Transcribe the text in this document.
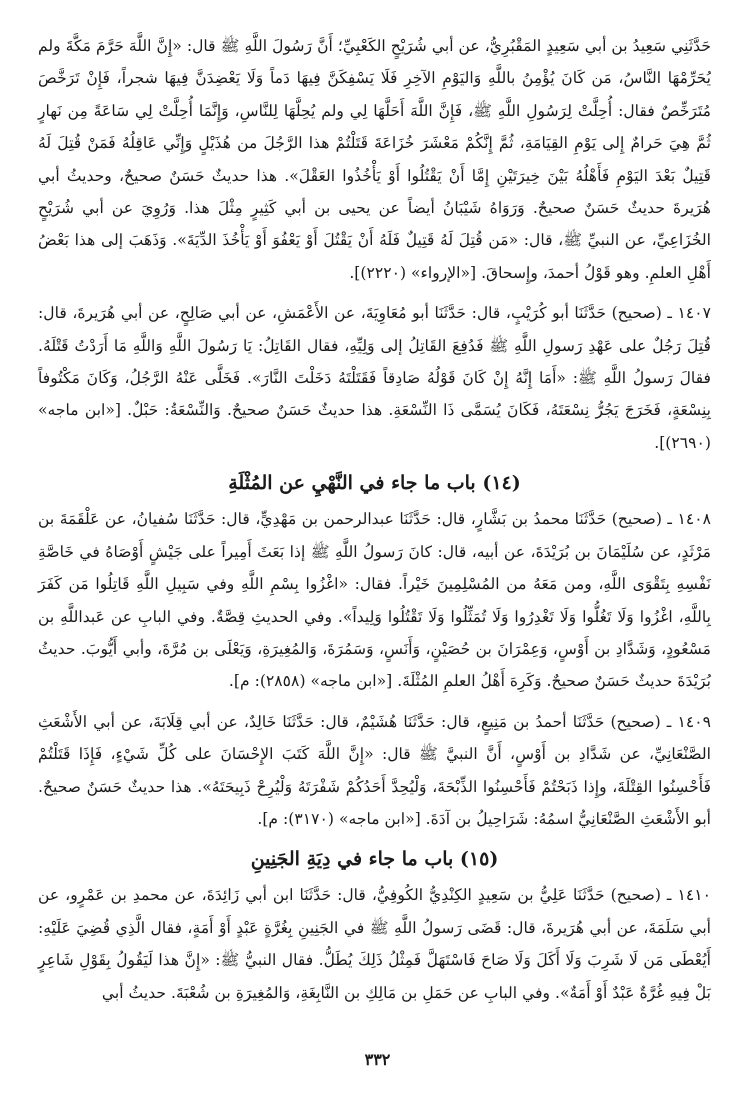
حَدَّثَنِي سَعِيدُ بن أبي سَعِيدٍ المَقْبُرِيُّ، عن أبي شُرَيْحٍ الكَعْبِيِّ؛ أَنَّ رَسُولَ اللَّهِ ﷺ قال: «إِنَّ اللَّهَ حَرَّمَ مَكَّةَ ولم يُحَرِّمْهَا النَّاسُ، مَن كَانَ يُؤْمِنُ باللَّهِ وَاليَوْمِ الآخِرِ فَلَا يَسْفِكَنَّ فِيهَا دَماً وَلَا يَعْضِدَنَّ فِيهَا شجراً، فَإِنْ تَرَخَّصَ مُتَرَخِّصٌ فقال: أُحِلَّتْ لِرَسُولِ اللَّهِ ﷺ، فَإِنَّ اللَّهَ أَحَلَّهَا لِي ولم يُحِلَّهَا لِلنَّاسِ، وَإِنَّمَا أُحِلَّتْ لِي سَاعَةً مِن نَهارٍ ثُمَّ هِيَ حَرامٌ إِلى يَوْمِ القِيَامَةِ، ثُمَّ إِنَّكُمْ مَعْشَرَ خُزَاعَةَ قَتَلْتُمْ هذا الرَّجُلَ من هُذَيْلٍ وَإِنِّي عَاقِلُهُ فَمَنْ قُتِلَ لَهُ قَتِيلٌ بَعْدَ اليَوْمِ فَأَهْلُهُ بَيْنَ خِيرَتَيْنِ إِمَّا أَنْ يَقْتُلُوا أَوْ يَأْخُذُوا العَقْلَ». هذا حديثٌ حَسَنٌ صحيحٌ، وحديثُ أبي هُرَيرةَ حديثٌ حَسَنٌ صحيحٌ. وَرَوَاهُ شَيْبَانُ أيضاً عن يحيى بن أبي كَثِيرٍ مِثْلَ هذا. وَرُوِيَ عن أبي شُرَيْحٍ الخُزَاعِيِّ، عن النبيِّ ﷺ، قال: «مَن قُتِلَ لَهُ قَتِيلٌ فَلَهُ أَنْ يَقْتُلَ أَوْ يَعْفُوَ أَوْ يَأْخُذَ الدِّيَةَ». وَذَهَبَ إلى هذا بَعْضُ أَهْلِ العلمِ. وهو قَوْلُ أحمدَ، وإِسحاقَ. [«الإرواء» (٢٢٢٠)].

١٤٠٧ ـ (صحيح) حَدَّثَنَا أبو كُرَيْبٍ، قال: حَدَّثَنَا أبو مُعَاوِيَةَ، عن الأَعْمَشِ، عن أبي صَالِحٍ، عن أبي هُرَيرةَ، قال: قُتِلَ رَجُلٌ على عَهْدِ رَسولِ اللَّهِ ﷺ فَدُفِعَ القَاتِلُ إلى وَلِيِّهِ، فقال القَاتِلُ: يَا رَسُولَ اللَّهِ وَاللَّهِ مَا أَرَدْتُ قَتْلَهُ. فقالَ رَسولُ اللَّهِ ﷺ: «أَمَا إِنَّهُ إِنْ كَانَ قَوْلُهُ صَادِقاً فَقَتَلْتَهُ دَخَلْتَ النَّارَ». فَخَلَّى عَنْهُ الرَّجُلُ، وَكَانَ مَكْتُوفاً بِنِسْعَةٍ، فَخَرَجَ يَجُرُّ نِسْعَتَهُ، فَكَانَ يُسَمَّى ذَا النِّسْعَةِ. هذا حديثٌ حَسَنٌ صحيحٌ. وَالنِّسْعَةُ: حَبْلٌ. [«ابن ماجه» (٢٦٩٠)].

(١٤) باب ما جاء في النَّهْيِ عن المُثْلَةِ

١٤٠٨ ـ (صحيح) حَدَّثَنَا محمدُ بن بَشَّارٍ، قال: حَدَّثَنَا عبدالرحمن بن مَهْدِيٍّ، قال: حَدَّثَنَا سُفيانُ، عن عَلْقَمَةَ بن مَرْثَدٍ، عن سُلَيْمَانَ بن بُرَيْدَةَ، عن أبيه، قال: كانَ رَسولُ اللَّهِ ﷺ إذا بَعَثَ أَمِيراً على جَيْشٍ أَوْصَاهُ في خَاصَّةِ نَفْسِهِ بِتَقْوَى اللَّهِ، ومن مَعَهُ من المُسْلِمِينَ خَيْراً. فقال: «اغْزُوا بِسْمِ اللَّهِ وفي سَبِيلِ اللَّهِ قَاتِلُوا مَن كَفَرَ بِاللَّهِ، اغْزُوا وَلَا تَغُلُّوا وَلَا تَغْدِرُوا وَلَا تُمَثِّلُوا وَلَا تَقْتُلُوا وَلِيداً». وفي الحديثِ قِصَّةٌ. وفي البابِ عن عَبداللَّهِ بن مَسْعُودٍ، وَشَدَّادِ بن أَوْسٍ، وَعِمْرَانَ بن حُصَيْنٍ، وَأَنَسٍ، وَسَمُرَةَ، وَالمُغِيرَةِ، وَيَعْلَى بن مُرَّةَ، وأبي أَيُّوبَ. حديثُ بُرَيْدَةَ حديثٌ حَسَنٌ صحيحٌ. وَكَرِهَ أَهْلُ العلمِ المُثْلَةَ. [«ابن ماجه» (٢٨٥٨): م].

١٤٠٩ ـ (صحيح) حَدَّثَنَا أحمدُ بن مَنِيعٍ، قال: حَدَّثَنَا هُشَيْمٌ، قال: حَدَّثَنَا خَالِدٌ، عن أبي قِلَابَةَ، عن أبي الأَشْعَثِ الصَّنْعَانِيِّ، عن شَدَّادِ بن أَوْسٍ، أَنَّ النبيَّ ﷺ قال: «إِنَّ اللَّهَ كَتَبَ الإِحْسَانَ على كُلِّ شَيْءٍ، فَإِذَا قَتَلْتُمْ فَأَحْسِنُوا القِتْلَةَ، وإِذا ذَبَحْتُمْ فَأَحْسِنُوا الذِّبْحَةَ، وَلْيُحِدَّ أَحَدُكُمْ شَفْرَتَهُ وَلْيُرِحْ ذَبِيحَتَهُ». هذا حديثٌ حَسَنٌ صحيحٌ. أبو الأَشْعَثِ الصَّنْعَانِيُّ اسمُهُ: شَرَاحِيلُ بن آدَةَ. [«ابن ماجه» (٣١٧٠): م].

(١٥) باب ما جاء في دِيَةِ الجَنِينِ

١٤١٠ ـ (صحيح) حَدَّثَنَا عَلِيُّ بن سَعِيدٍ الكِنْدِيُّ الكُوفِيُّ، قال: حَدَّثَنَا ابن أبي زَائِدَةَ، عن محمدِ بن عَمْرٍو، عن أبي سَلَمَةَ، عن أبي هُرَيرةَ، قال: قَضَى رَسولُ اللَّهِ ﷺ في الجَنِينِ بِغُرَّةٍ عَبْدٍ أَوْ أَمَةٍ، فقال الَّذِي قُضِيَ عَلَيْهِ: أَيُعْطَى مَن لَا شَرِبَ وَلَا أَكَلَ وَلَا صَاحَ فَاسْتَهَلَّ فَمِثْلُ ذَلِكَ يُطَلُّ. فقال النبيُّ ﷺ: «إِنَّ هذا لَيَقُولُ بِقَوْلِ شَاعِرٍ بَلْ فِيهِ غُرَّةٌ عَبْدٌ أَوْ أَمَةٌ». وفي البابِ عن حَمَلِ بن مَالِكِ بن النَّابِغَةِ، وَالمُغِيرَةِ بن شُعْبَةَ. حديثُ أبي

٣٣٢
